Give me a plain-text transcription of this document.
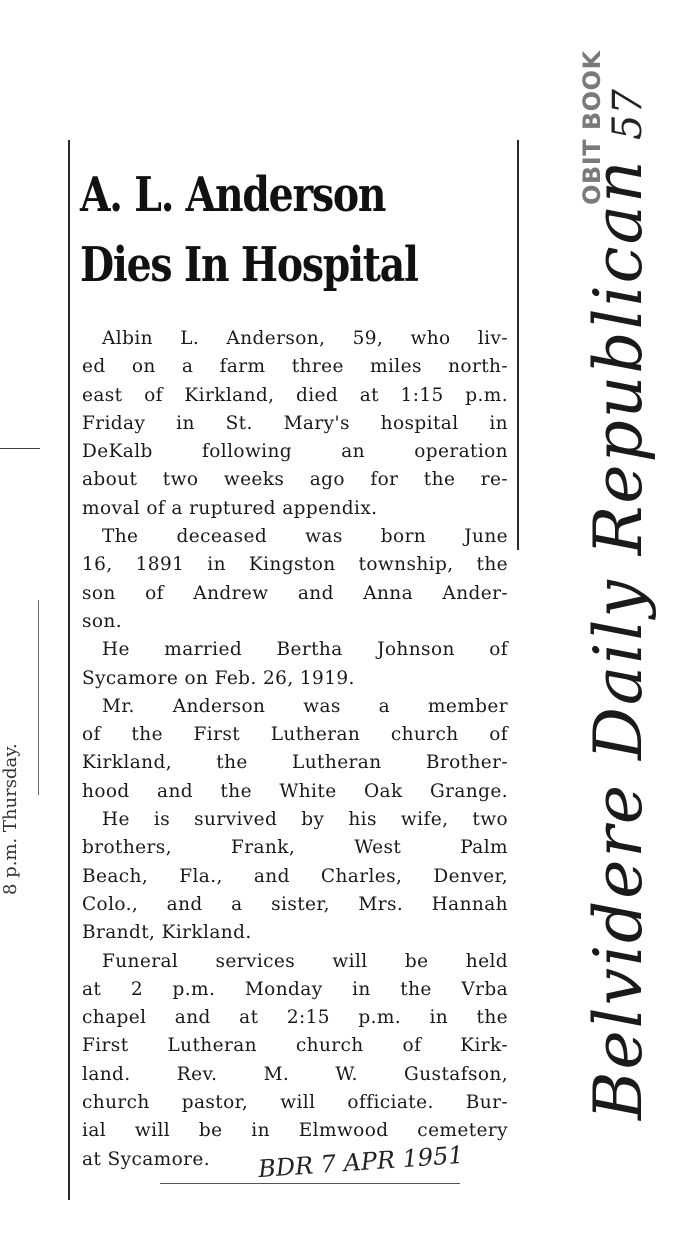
8 p.m. Thursday.
A. L. Anderson
Dies In Hospital
Albin L. Anderson, 59, who liv-
ed on a farm three miles north-
east of Kirkland, died at 1:15 p.m.
Friday in St. Mary's hospital in
DeKalb following an operation
about two weeks ago for the re-
moval of a ruptured appendix.
The deceased was born June
16, 1891 in Kingston township, the
son of Andrew and Anna Ander-
son.
He married Bertha Johnson of
Sycamore on Feb. 26, 1919.
Mr. Anderson was a member
of the First Lutheran church of
Kirkland, the Lutheran Brother-
hood and the White Oak Grange.
He is survived by his wife, two
brothers, Frank, West Palm
Beach, Fla., and Charles, Denver,
Colo., and a sister, Mrs. Hannah
Brandt, Kirkland.
Funeral services will be held
at 2 p.m. Monday in the Vrba
chapel and at 2:15 p.m. in the
First Lutheran church of Kirk-
land. Rev. M. W. Gustafson,
church pastor, will officiate. Bur-
ial will be in Elmwood cemetery
at Sycamore.	BDR 7 APR 1951
OBIT BOOK 57
Belvidere Daily Republican
